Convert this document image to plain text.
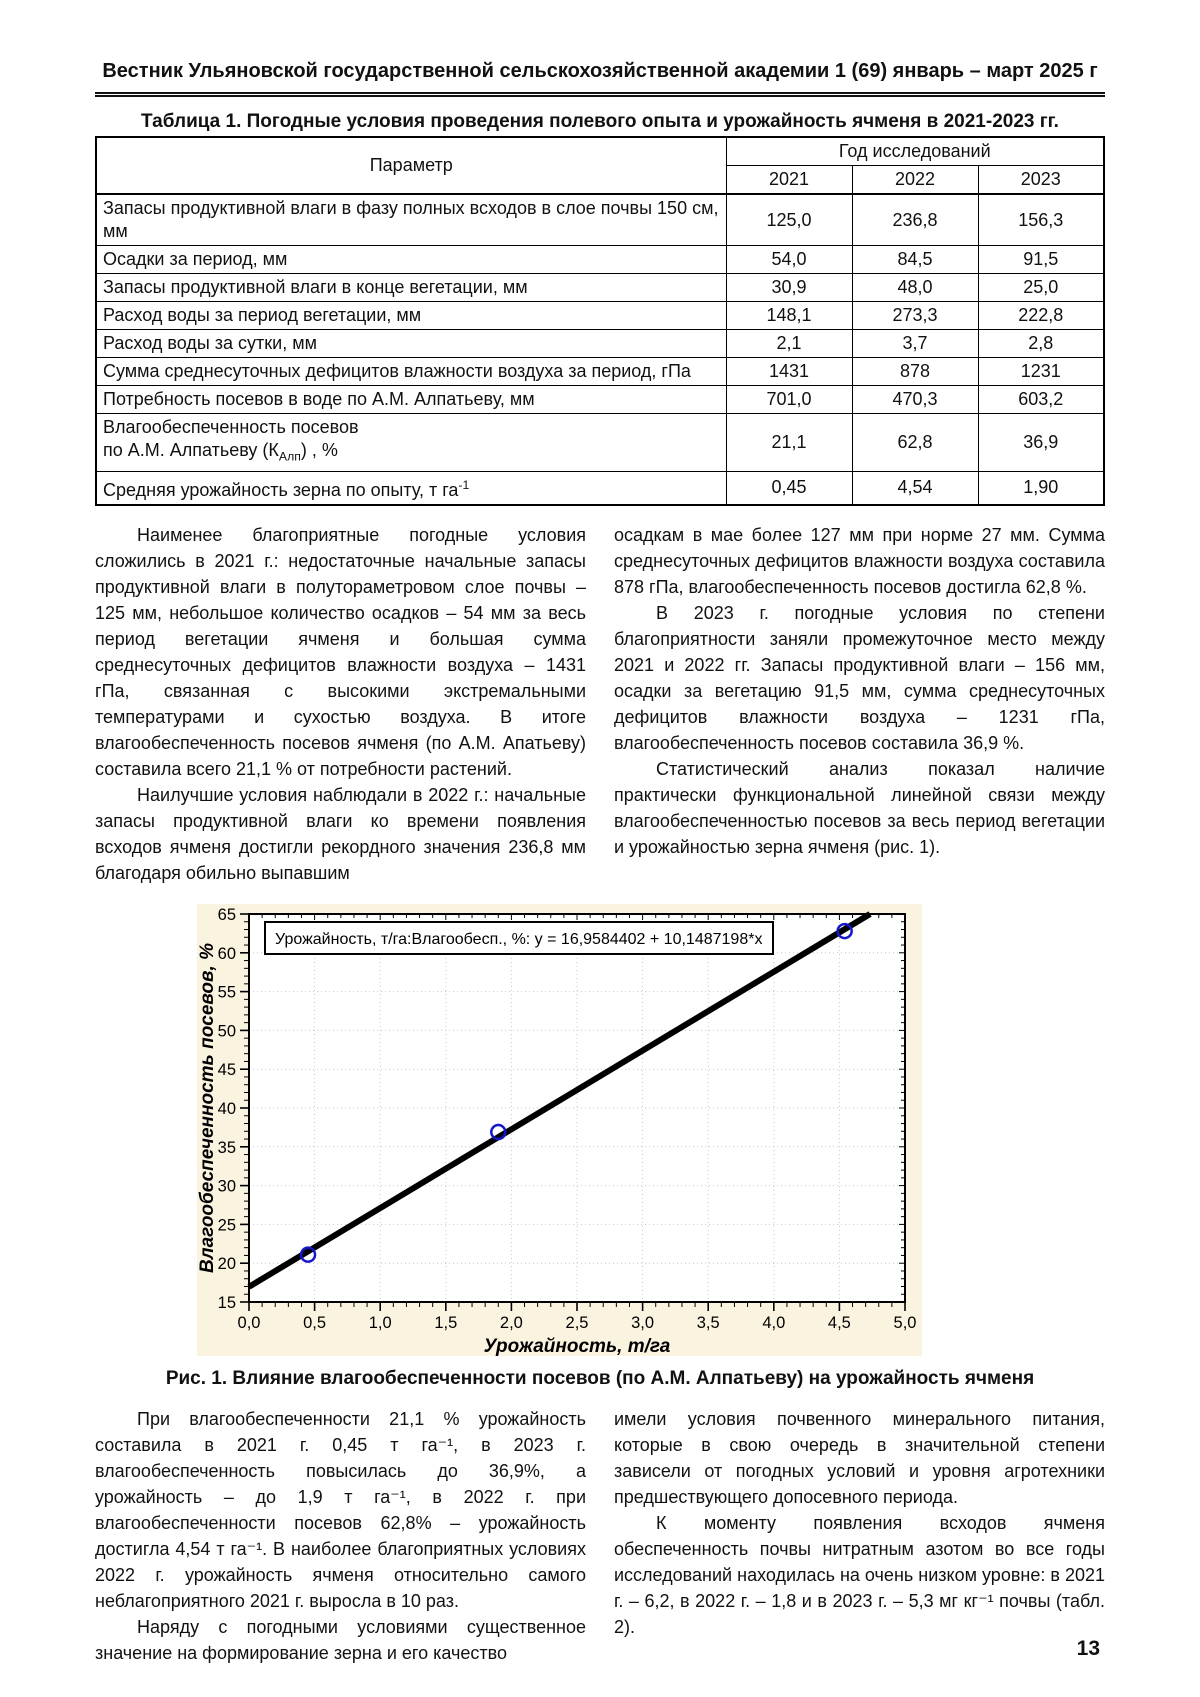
Вестник Ульяновской государственной сельскохозяйственной академии 1 (69) январь – март 2025 г
Таблица 1. Погодные условия проведения полевого опыта и урожайность ячменя в 2021-2023 гг.
Параметр	Год исследований		
	2021	2022	2023
Запасы продуктивной влаги в фазу полных всходов в слое почвы 150 см, мм	125,0	236,8	156,3
Осадки за период, мм	54,0	84,5	91,5
Запасы продуктивной влаги в конце вегетации, мм	30,9	48,0	25,0
Расход воды за период вегетации, мм	148,1	273,3	222,8
Расход воды за сутки, мм	2,1	3,7	2,8
Сумма среднесуточных дефицитов влажности воздуха за период, гПа	1431	878	1231
Потребность посевов в воде по А.М. Алпатьеву, мм	701,0	470,3	603,2
Влагообеспеченность посевов
по А.М. Алпатьеву $(К_{Алп})$ , %	21,1	62,8	36,9
Средняя урожайность зерна по опыту, т $га^{-1}$	0,45	4,54	1,90

Наименее благоприятные погодные условия сложились в 2021 г.: недостаточные начальные запасы продуктивной влаги в полутораметровом слое почвы – 125 мм, небольшое количество осадков – 54 мм за весь период вегетации ячменя и большая сумма среднесуточных дефицитов влажности воздуха – 1431 гПа, связанная с высокими экстремальными температурами и сухостью воздуха. В итоге влагообеспеченность посевов ячменя (по А.М. Апатьеву) составила всего 21,1 % от потребности растений.

Наилучшие условия наблюдали в 2022 г.: начальные запасы продуктивной влаги ко времени появления всходов ячменя достигли рекордного значения 236,8 мм благодаря обильно выпавшим

осадкам в мае более 127 мм при норме 27 мм. Сумма среднесуточных дефицитов влажности воздуха составила 878 гПа, влагообеспеченность посевов достигла 62,8 %.

В 2023 г. погодные условия по степени благоприятности заняли промежуточное место между 2021 и 2022 гг. Запасы продуктивной влаги – 156 мм, осадки за вегетацию 91,5 мм, сумма среднесуточных дефицитов влажности воздуха – 1231 гПа, влагообеспеченность посевов составила 36,9 %.

Статистический анализ показал наличие практически функциональной линейной связи между влагообеспеченностью посевов за весь период вегетации и урожайностью зерна ячменя (рис. 1).

0,0	0,5	1,0	1,5	2,0	2,5	3,0	3,5	4,0	4,5	5,0
15
20
25
30
35
40
45
50
55
60
65
Урожайность, т/га
Влагообеспеченность посевов, %
Урожайность, т/га:Влагообесп., %: y = 16,9584402 + 10,1487198*x
Рис. 1. Влияние влагообеспеченности посевов (по А.М. Алпатьеву) на урожайность ячменя

При влагообеспеченности 21,1 % урожайность составила в 2021 г. 0,45 т га⁻¹, в 2023 г. влагообеспеченность повысилась до 36,9%, а урожайность – до 1,9 т га⁻¹, в 2022 г. при влагообеспеченности посевов 62,8% – урожайность достигла 4,54 т га⁻¹. В наиболее благоприятных условиях 2022 г. урожайность ячменя относительно самого неблагоприятного 2021 г. выросла в 10 раз.

Наряду с погодными условиями существенное значение на формирование зерна и его качество

имели условия почвенного минерального питания, которые в свою очередь в значительной степени зависели от погодных условий и уровня агротехники предшествующего допосевного периода.

К моменту появления всходов ячменя обеспеченность почвы нитратным азотом во все годы исследований находилась на очень низком уровне: в 2021 г. – 6,2, в 2022 г. – 1,8 и в 2023 г. – 5,3 мг кг⁻¹ почвы (табл. 2).

13
